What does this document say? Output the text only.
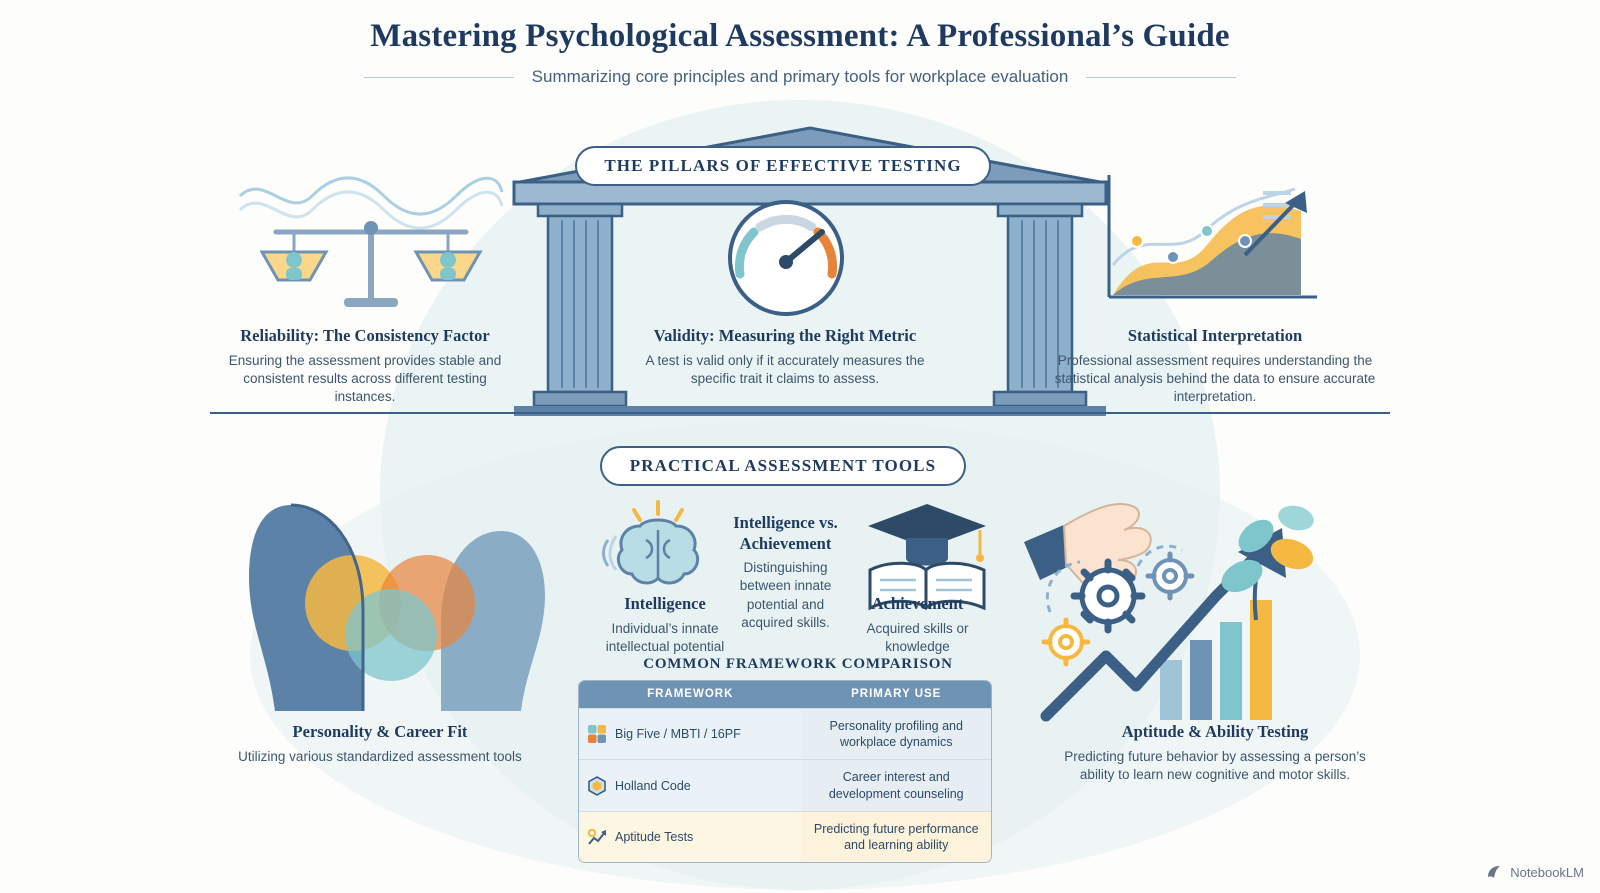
Mastering Psychological Assessment: A Professional’s Guide
Summarizing core principles and primary tools for workplace evaluation
THE PILLARS OF EFFECTIVE TESTING
PRACTICAL ASSESSMENT TOOLS
Reliability: The Consistency Factor
Ensuring the assessment provides stable and consistent results across different testing instances.
Validity: Measuring the Right Metric
A test is valid only if it accurately measures the specific trait it claims to assess.
Statistical Interpretation
Professional assessment requires understanding the statistical analysis behind the data to ensure accurate interpretation.
Personality & Career Fit
Utilizing various standardized assessment tools
Aptitude & Ability Testing
Predicting future behavior by assessing a person’s ability to learn new cognitive and motor skills.
Intelligence vs. Achievement
Distinguishing between innate potential and acquired skills.
Intelligence
Individual’s innate intellectual potential
Achievement
Acquired skills or knowledge
COMMON FRAMEWORK COMPARISON
FRAMEWORK	PRIMARY USE

Big Five / MBTI / 16PF	Personality profiling and workplace dynamics

Holland Code	Career interest and development counseling

Aptitude Tests	Predicting future performance and learning ability
NotebookLM
